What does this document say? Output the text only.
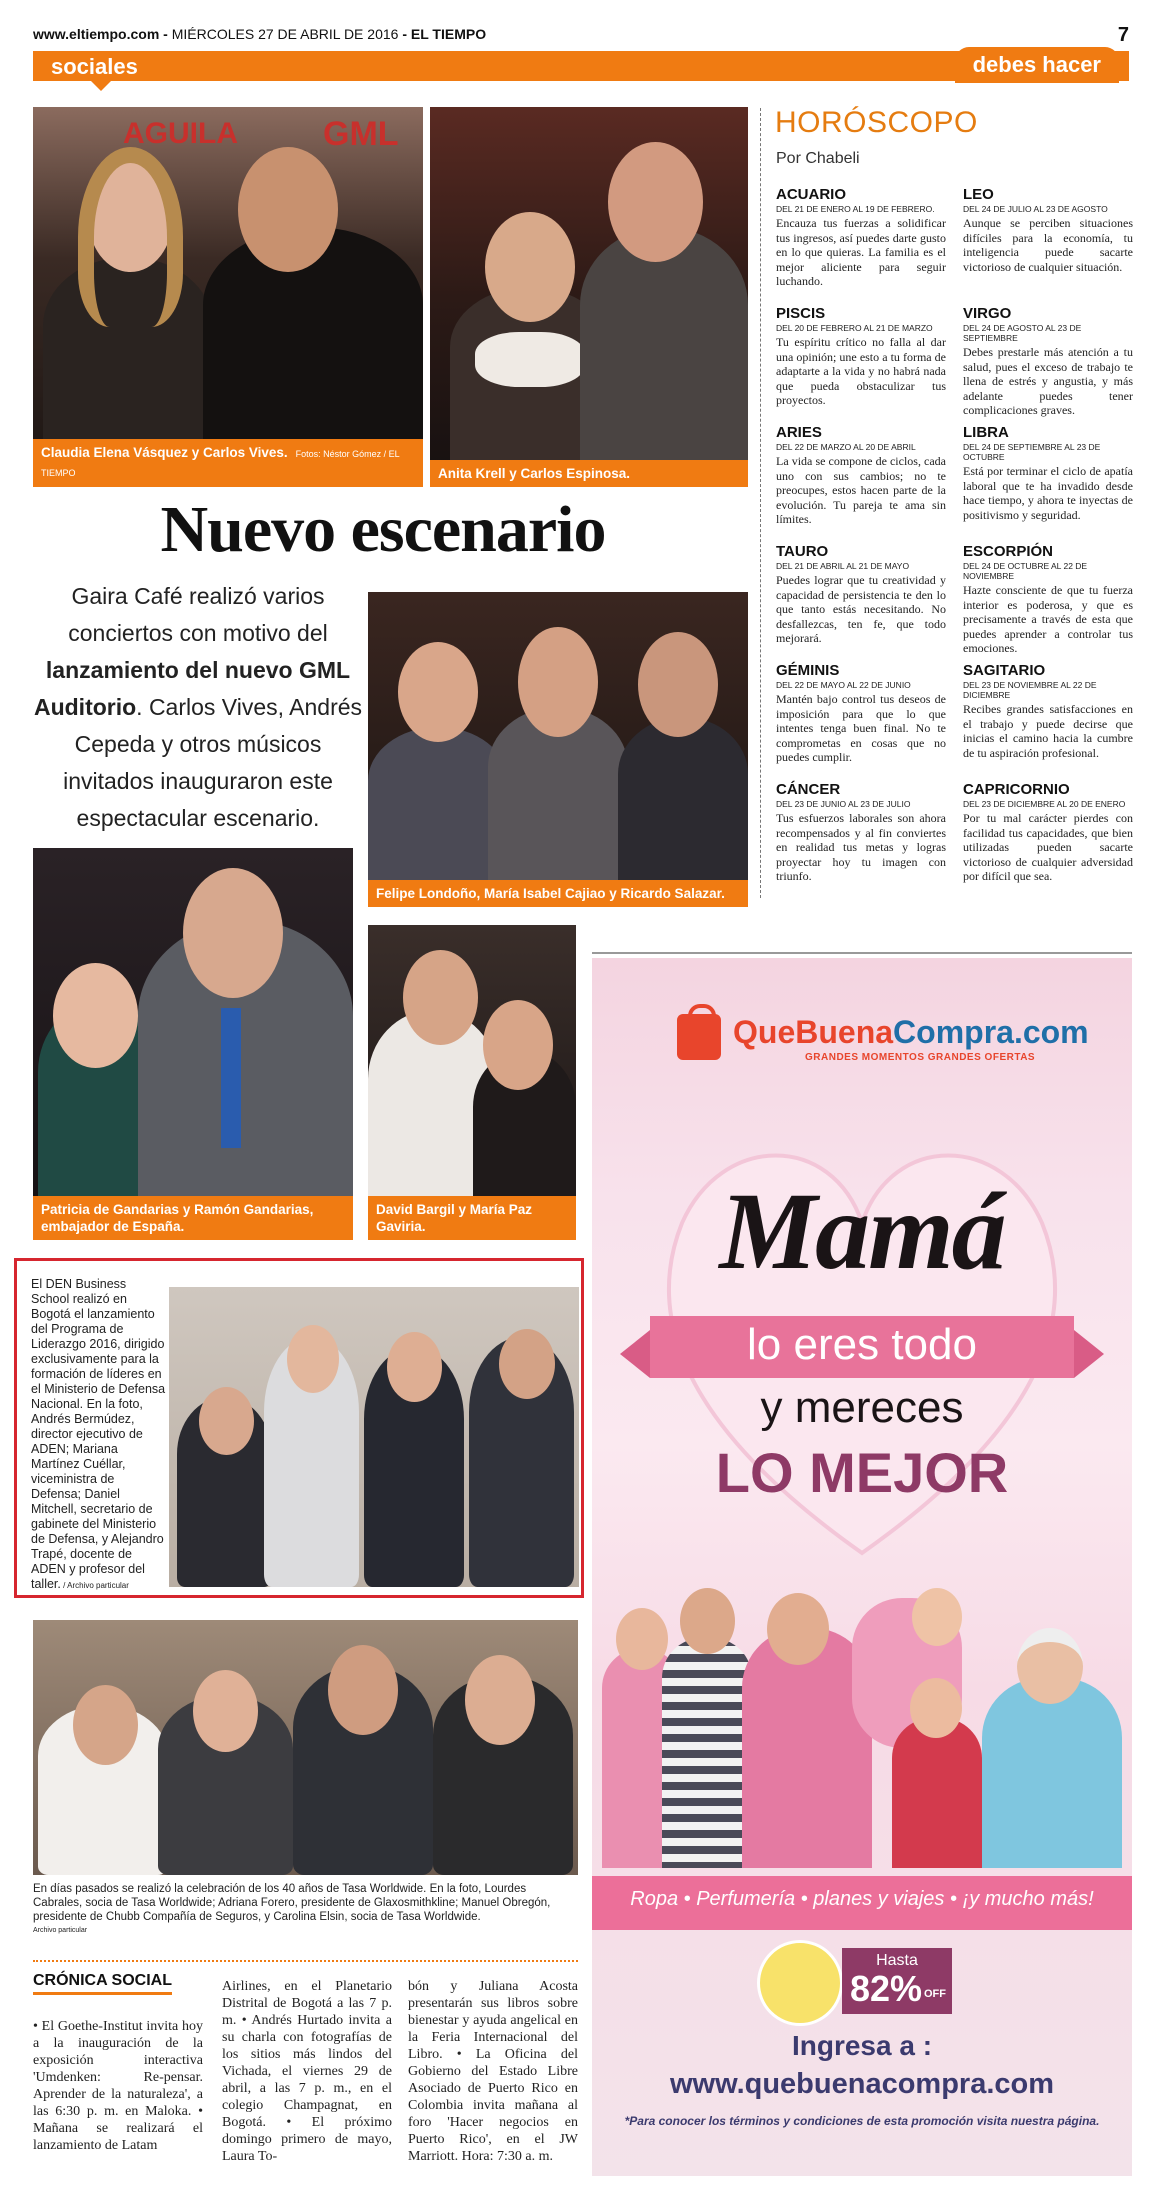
www.eltiempo.com - MIÉRCOLES 27 DE ABRIL DE 2016 - EL TIEMPO	7
sociales	debes hacer
AGUILA	GML
Claudia Elena Vásquez y Carlos Vives. Fotos: Néstor Gómez / EL TIEMPO	Anita Krell y Carlos Espinosa.
Nuevo escenario
Gaira Café realizó varios conciertos con motivo del lanzamiento del nuevo GML Auditorio. Carlos Vives, Andrés Cepeda y otros músicos invitados inauguraron este espectacular escenario.
Felipe Londoño, María Isabel Cajiao y Ricardo Salazar.
Patricia de Gandarias y Ramón Gandarias, embajador de España.
David Bargil y María Paz Gaviria.
HORÓSCOPO
Por Chabeli
ACUARIO
DEL 21 DE ENERO AL 19 DE FEBRERO.
Encauza tus fuerzas a solidificar tus ingresos, así puedes darte gusto en lo que quieras. La familia es el mejor aliciente para seguir luchando.
PISCIS
DEL 20 DE FEBRERO AL 21 DE MARZO
Tu espíritu crítico no falla al dar una opinión; une esto a tu forma de adaptarte a la vida y no habrá nada que pueda obstaculizar tus proyectos.
ARIES
DEL 22 DE MARZO AL 20 DE ABRIL
La vida se compone de ciclos, cada uno con sus cambios; no te preocupes, estos hacen parte de la evolución. Tu pareja te ama sin límites.
TAURO
DEL 21 DE ABRIL AL 21 DE MAYO
Puedes lograr que tu creatividad y capacidad de persistencia te den lo que tanto estás necesitando. No desfallezcas, ten fe, que todo mejorará.
GÉMINIS
DEL 22 DE MAYO AL 22 DE JUNIO
Mantén bajo control tus deseos de imposición para que lo que intentes tenga buen final. No te comprometas en cosas que no puedes cumplir.
CÁNCER
DEL 23 DE JUNIO AL 23 DE JULIO
Tus esfuerzos laborales son ahora recompensados y al fin conviertes en realidad tus metas y logras proyectar hoy tu imagen con triunfo.
LEO
DEL 24 DE JULIO AL 23 DE AGOSTO
Aunque se perciben situaciones difíciles para la economía, tu inteligencia puede sacarte victorioso de cualquier situación.
VIRGO
DEL 24 DE AGOSTO AL 23 DE SEPTIEMBRE
Debes prestarle más atención a tu salud, pues el exceso de trabajo te llena de estrés y angustia, y más adelante puedes tener complicaciones graves.
LIBRA
DEL 24 DE SEPTIEMBRE AL 23 DE OCTUBRE
Está por terminar el ciclo de apatía laboral que te ha invadido desde hace tiempo, y ahora te inyectas de positivismo y seguridad.
ESCORPIÓN
DEL 24 DE OCTUBRE AL 22 DE NOVIEMBRE
Hazte consciente de que tu fuerza interior es poderosa, y que es precisamente a través de esta que puedes aprender a controlar tus emociones.
SAGITARIO
DEL 23 DE NOVIEMBRE AL 22 DE DICIEMBRE
Recibes grandes satisfacciones en el trabajo y puede decirse que inicias el camino hacia la cumbre de tu aspiración profesional.
CAPRICORNIO
DEL 23 DE DICIEMBRE AL 20 DE ENERO
Por tu mal carácter pierdes con facilidad tus capacidades, que bien utilizadas pueden sacarte victorioso de cualquier adversidad por difícil que sea.
El DEN Business School realizó en Bogotá el lanzamiento del Programa de Liderazgo 2016, dirigido exclusivamente para la formación de líderes en el Ministerio de Defensa Nacional. En la foto, Andrés Bermúdez, director ejecutivo de ADEN; Mariana Martínez Cuéllar, viceministra de Defensa; Daniel Mitchell, secretario de gabinete del Ministerio de Defensa, y Alejandro Trapé, docente de ADEN y profesor del taller. / Archivo particular
En días pasados se realizó la celebración de los 40 años de Tasa Worldwide. En la foto, Lourdes Cabrales, socia de Tasa Worldwide; Adriana Forero, presidente de Glaxosmithkline; Manuel Obregón, presidente de Chubb Compañía de Seguros, y Carolina Elsin, socia de Tasa Worldwide.
Archivo particular
CRÓNICA SOCIAL
• El Goethe-Institut invita hoy a la inauguración de la exposición interactiva 'Umdenken: Re-pensar. Aprender de la naturaleza', a las 6:30 p. m. en Maloka. • Mañana se realizará el lanzamiento de Latam
Airlines, en el Planetario Distrital de Bogotá a las 7 p. m. • Andrés Hurtado invita a su charla con fotografías de los sitios más lindos del Vichada, el viernes 29 de abril, a las 7 p. m., en el colegio Champagnat, en Bogotá. • El próximo domingo primero de mayo, Laura To-
bón y Juliana Acosta presentarán sus libros sobre bienestar y ayuda angelical en la Feria Internacional del Libro. • La Oficina del Gobierno del Estado Libre Asociado de Puerto Rico en Colombia invita mañana al foro 'Hacer negocios en Puerto Rico', en el JW Marriott. Hora: 7:30 a. m.
QueBuenaCompra.com
GRANDES MOMENTOS GRANDES OFERTAS
Mamá
lo eres todo
y mereces
LO MEJOR
Ropa • Perfumería • planes y viajes • ¡y mucho más!
Hasta
82% OFF
Ingresa a :
www.quebuenacompra.com
*Para conocer los términos y condiciones de esta promoción visita nuestra página.
